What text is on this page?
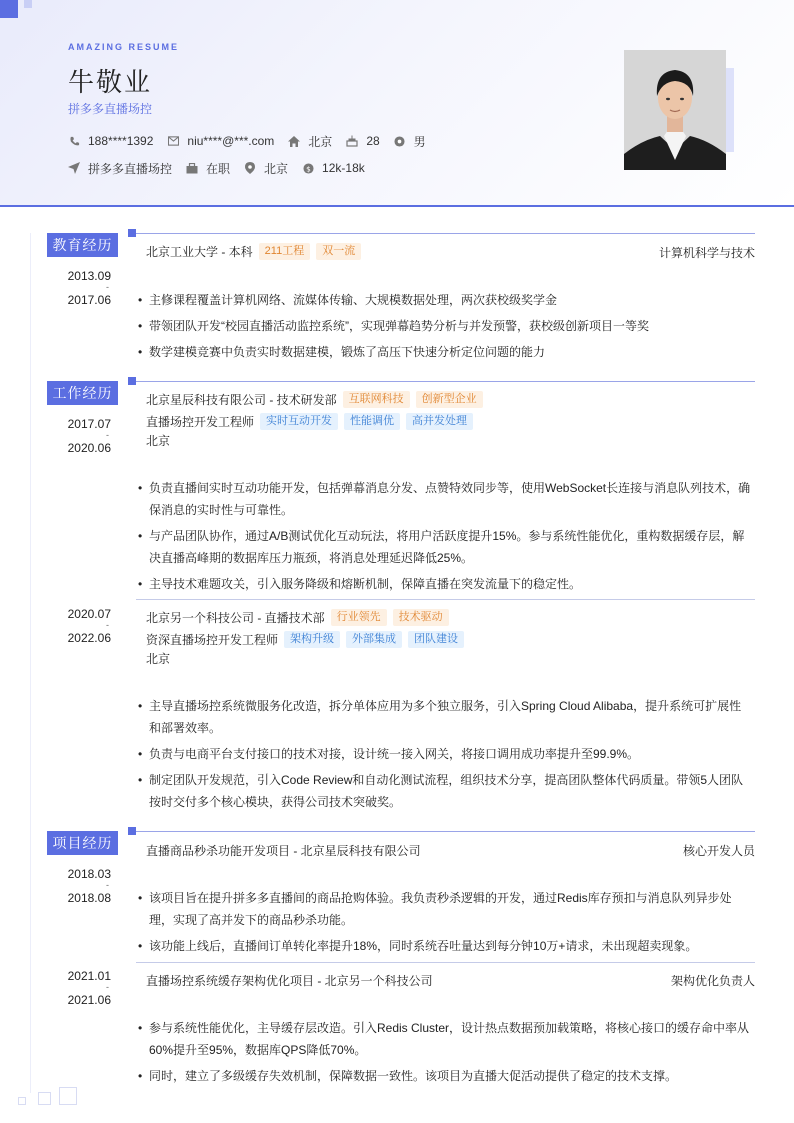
AMAZING RESUME
牛敬业
拼多多直播场控
188****1392	niu****@***.com	北京	28	男
拼多多直播场控	在职	北京 $ 12k-18k
教育经历
2013.09
-
2017.06
北京工业大学 - 本科	211工程	双一流	计算机科学与技术
• 主修课程覆盖计算机网络、流媒体传输、大规模数据处理，两次获校级奖学金
• 带领团队开发“校园直播活动监控系统”，实现弹幕趋势分析与并发预警，获校级创新项目一等奖
• 数学建模竞赛中负责实时数据建模，锻炼了高压下快速分析定位问题的能力
工作经历
2017.07
-
2020.06
北京星辰科技有限公司 - 技术研发部	互联网科技	创新型企业
直播场控开发工程师	实时互动开发	性能调优	高并发处理
北京
• 负责直播间实时互动功能开发，包括弹幕消息分发、点赞特效同步等，使用WebSocket长连接与消息队列技术，确保消息的实时性与可靠性。
• 与产品团队协作，通过A/B测试优化互动玩法，将用户活跃度提升15%。参与系统性能优化，重构数据缓存层，解决直播高峰期的数据库压力瓶颈，将消息处理延迟降低25%。
• 主导技术难题攻关，引入服务降级和熔断机制，保障直播在突发流量下的稳定性。
2020.07
-
2022.06
北京另一个科技公司 - 直播技术部	行业领先	技术驱动
资深直播场控开发工程师	架构升级	外部集成	团队建设
北京
• 主导直播场控系统微服务化改造，拆分单体应用为多个独立服务，引入Spring Cloud Alibaba，提升系统可扩展性和部署效率。
• 负责与电商平台支付接口的技术对接，设计统一接入网关，将接口调用成功率提升至99.9%。
• 制定团队开发规范，引入Code Review和自动化测试流程，组织技术分享，提高团队整体代码质量。带领5人团队按时交付多个核心模块，获得公司技术突破奖。
项目经历
2018.03
-
2018.08
直播商品秒杀功能开发项目 - 北京星辰科技有限公司	核心开发人员
• 该项目旨在提升拼多多直播间的商品抢购体验。我负责秒杀逻辑的开发，通过Redis库存预扣与消息队列异步处理，实现了高并发下的商品秒杀功能。
• 该功能上线后，直播间订单转化率提升18%，同时系统吞吐量达到每分钟10万+请求，未出现超卖现象。
2021.01
-
2021.06
直播场控系统缓存架构优化项目 - 北京另一个科技公司	架构优化负责人
• 参与系统性能优化，主导缓存层改造。引入Redis Cluster，设计热点数据预加载策略，将核心接口的缓存命中率从60%提升至95%，数据库QPS降低70%。
• 同时，建立了多级缓存失效机制，保障数据一致性。该项目为直播大促活动提供了稳定的技术支撑。
